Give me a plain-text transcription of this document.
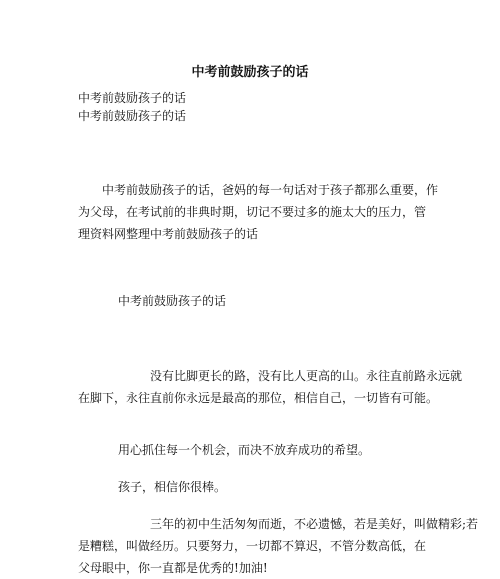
中考前鼓励孩子的话
中考前鼓励孩子的话
中考前鼓励孩子的话
　　中考前鼓励孩子的话，爸妈的每一句话对于孩子都那么重要，作
为父母，在考试前的非典时期，切记不要过多的施太大的压力，管
理资料网整理中考前鼓励孩子的话
中考前鼓励孩子的话
　　　　　　没有比脚更长的路，没有比人更高的山。永往直前路永远就
在脚下，永往直前你永远是最高的那位，相信自己，一切皆有可能。
用心抓住每一个机会，而决不放弃成功的希望。
孩子，相信你很棒。
　　　　　　三年的初中生活匆匆而逝，不必遗憾，若是美好，叫做精彩;若
是糟糕，叫做经历。只要努力，一切都不算迟，不管分数高低，在
父母眼中，你一直都是优秀的!加油!
